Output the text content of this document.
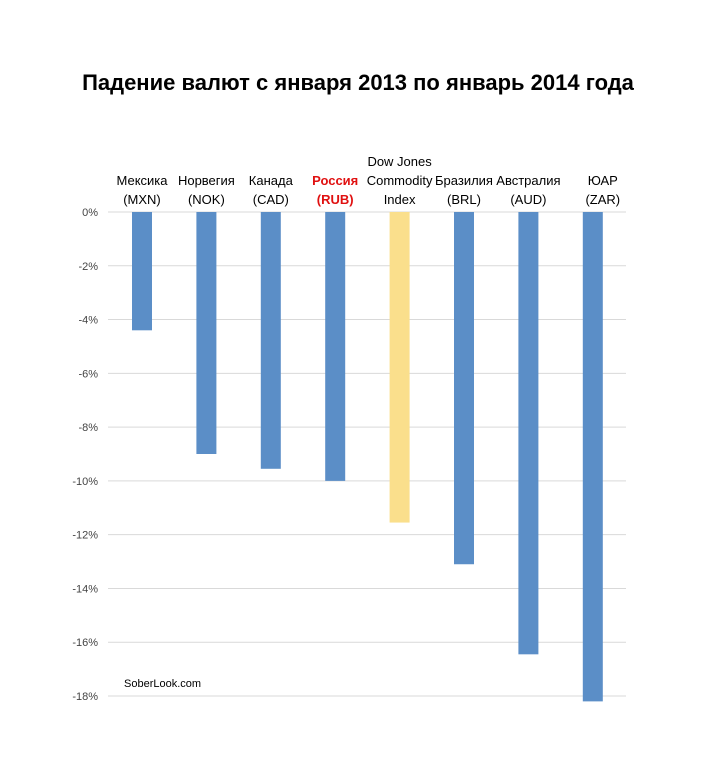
Падение валют с января 2013 по январь 2014 года
0%
-2%
-4%
-6%
-8%
-10%
-12%
-14%
-16%
-18%
Мексика
(MXN)
Норвегия
(NOK)
Канада
(CAD)
Россия
(RUB)
Dow Jones
Commodity
Index
Бразилия
(BRL)
Австралия
(AUD)
ЮАР
(ZAR)
SoberLook.com
